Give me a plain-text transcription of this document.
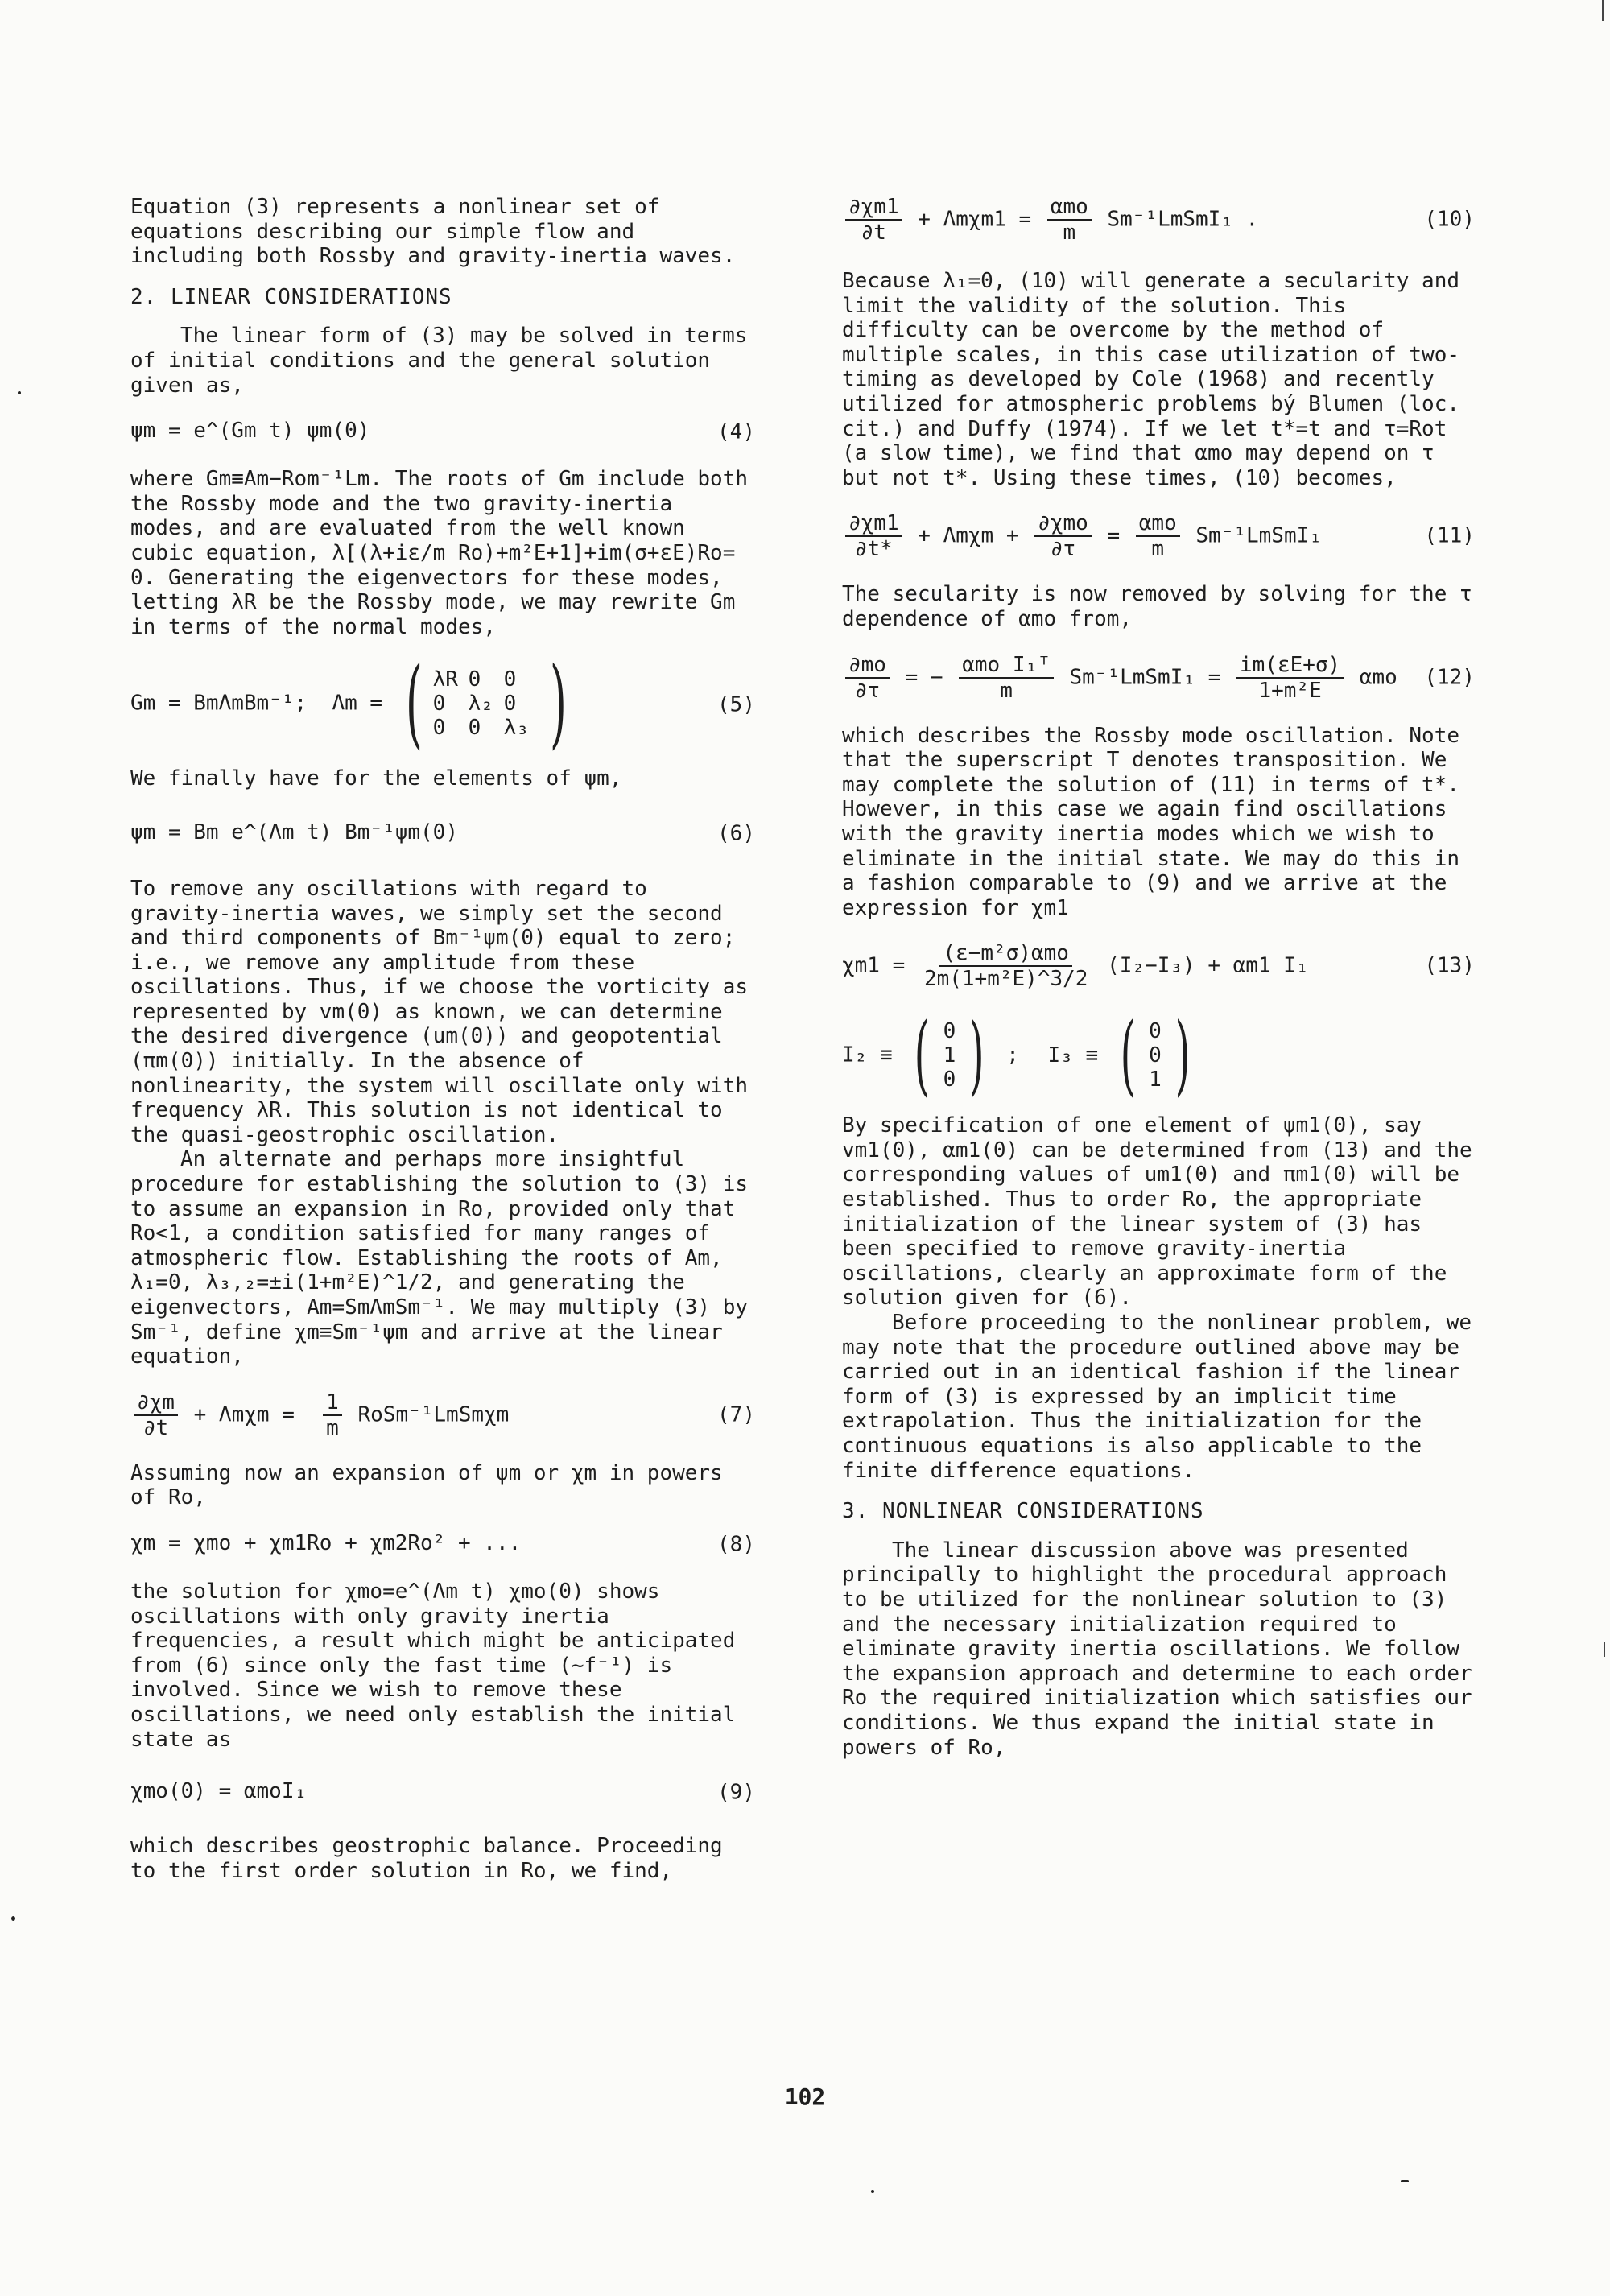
Equation (3) represents a nonlinear set of equations describing our simple flow and including both Rossby and gravity-inertia waves.

2. LINEAR CONSIDERATIONS

The linear form of (3) may be solved in terms of initial conditions and the general solution given as,

ψm = e^(Gm t) ψm(0)	(4)

where Gm≡Am−Rom⁻¹Lm. The roots of Gm include both the Rossby mode and the two gravity-inertia modes, and are evaluated from the well known cubic equation, λ[(λ+iε/m Ro)+m²E+1]+im(σ+εE)Ro= 0. Generating the eigenvectors for these modes, letting λR be the Rossby mode, we may rewrite Gm in terms of the normal modes,

Gm = BmΛmBm⁻¹;  Λm = ( λR 0	0
0	λ₂ 0
0	0	λ₃ )	(5)

We finally have for the elements of ψm,

ψm = Bm e^(Λm t) Bm⁻¹ψm(0)	(6)

To remove any oscillations with regard to gravity-inertia waves, we simply set the second and third components of Bm⁻¹ψm(0) equal to zero; i.e., we remove any amplitude from these oscillations. Thus, if we choose the vorticity as represented by vm(0) as known, we can determine the desired divergence (um(0)) and geopotential (πm(0)) initially. In the absence of nonlinearity, the system will oscillate only with frequency λR. This solution is not identical to the quasi-geostrophic oscillation.

An alternate and perhaps more insightful procedure for establishing the solution to (3) is to assume an expansion in Ro, provided only that Ro<1, a condition satisfied for many ranges of atmospheric flow. Establishing the roots of Am, λ₁=0, λ₃,₂=±i(1+m²E)^1/2, and generating the eigenvectors, Am=SmΛmSm⁻¹. We may multiply (3) by Sm⁻¹, define χm≡Sm⁻¹ψm and arrive at the linear equation,

$\frac{\partial\chi m}{\partial t} + \Lambda m\chi m = \frac{1}{m}$ RoSm⁻¹LmSmχm	(7)

Assuming now an expansion of ψm or χm in powers of Ro,

χm = χmo + χm1Ro + χm2Ro² + ...	(8)

the solution for χmo=e^(Λm t) χmo(0) shows oscillations with only gravity inertia frequencies, a result which might be anticipated from (6) since only the fast time (~f⁻¹) is involved. Since we wish to remove these oscillations, we need only establish the initial state as

χmo(0) = αmoI₁	(9)

which describes geostrophic balance. Proceeding to the first order solution in Ro, we find,

$\frac{\partial\chi m1}{\partial t} + \Lambda m\chi m1 = \frac{\text{αmo}}{m}$ Sm⁻¹LmSmI₁ .	(10)

Because λ₁=0, (10) will generate a secularity and limit the validity of the solution. This difficulty can be overcome by the method of multiple scales, in this case utilization of two-timing as developed by Cole (1968) and recently utilized for atmospheric problems bý Blumen (loc. cit.) and Duffy (1974). If we let t*=t and τ=Rot (a slow time), we find that αmo may depend on τ but not t*. Using these times, (10) becomes,

$\frac{\partial\chi m1}{\partial t*} + \Lambda m\chi m + \frac{\text{∂χmo}}{\partial\tau} = \frac{\text{αmo}}{m}$ Sm⁻¹LmSmI₁	(11)

The secularity is now removed by solving for the τ dependence of αmo from,

$\frac{\partial mo}{\partial\tau}$ = − $\frac{\text{αmo I₁ᵀ}}{m}$ Sm⁻¹LmSmI₁ = $\frac{im(\varepsilon E+\sigma)}{\text{1+m²E}}$ αmo (12)

which describes the Rossby mode oscillation. Note that the superscript T denotes transposition. We may complete the solution of (11) in terms of t*. However, in this case we again find oscillations with the gravity inertia modes which we wish to eliminate in the initial state. We may do this in a fashion comparable to (9) and we arrive at the expression for χm1

$\chi m1 = \frac{\text{(ε−m²σ)αmo}}{\text{2m(1+m²E)\textasciicircum{}3/2}} (I_2-I_3) + \alpha m1$ I₁	(13)
I₂ ≡ ( 0
1
0 ) ; I₃ ≡ ( 0
0
1 )

By specification of one element of ψm1(0), say vm1(0), αm1(0) can be determined from (13) and the corresponding values of um1(0) and πm1(0) will be established. Thus to order Ro, the appropriate initialization of the linear system of (3) has been specified to remove gravity-inertia oscillations, clearly an approximate form of the solution given for (6).

Before proceeding to the nonlinear problem, we may note that the procedure outlined above may be carried out in an identical fashion if the linear form of (3) is expressed by an implicit time extrapolation. Thus the initialization for the continuous equations is also applicable to the finite difference equations.

3. NONLINEAR CONSIDERATIONS

The linear discussion above was presented principally to highlight the procedural approach to be utilized for the nonlinear solution to (3) and the necessary initialization required to eliminate gravity inertia oscillations. We follow the expansion approach and determine to each order Ro the required initialization which satisfies our conditions. We thus expand the initial state in powers of Ro,

102
